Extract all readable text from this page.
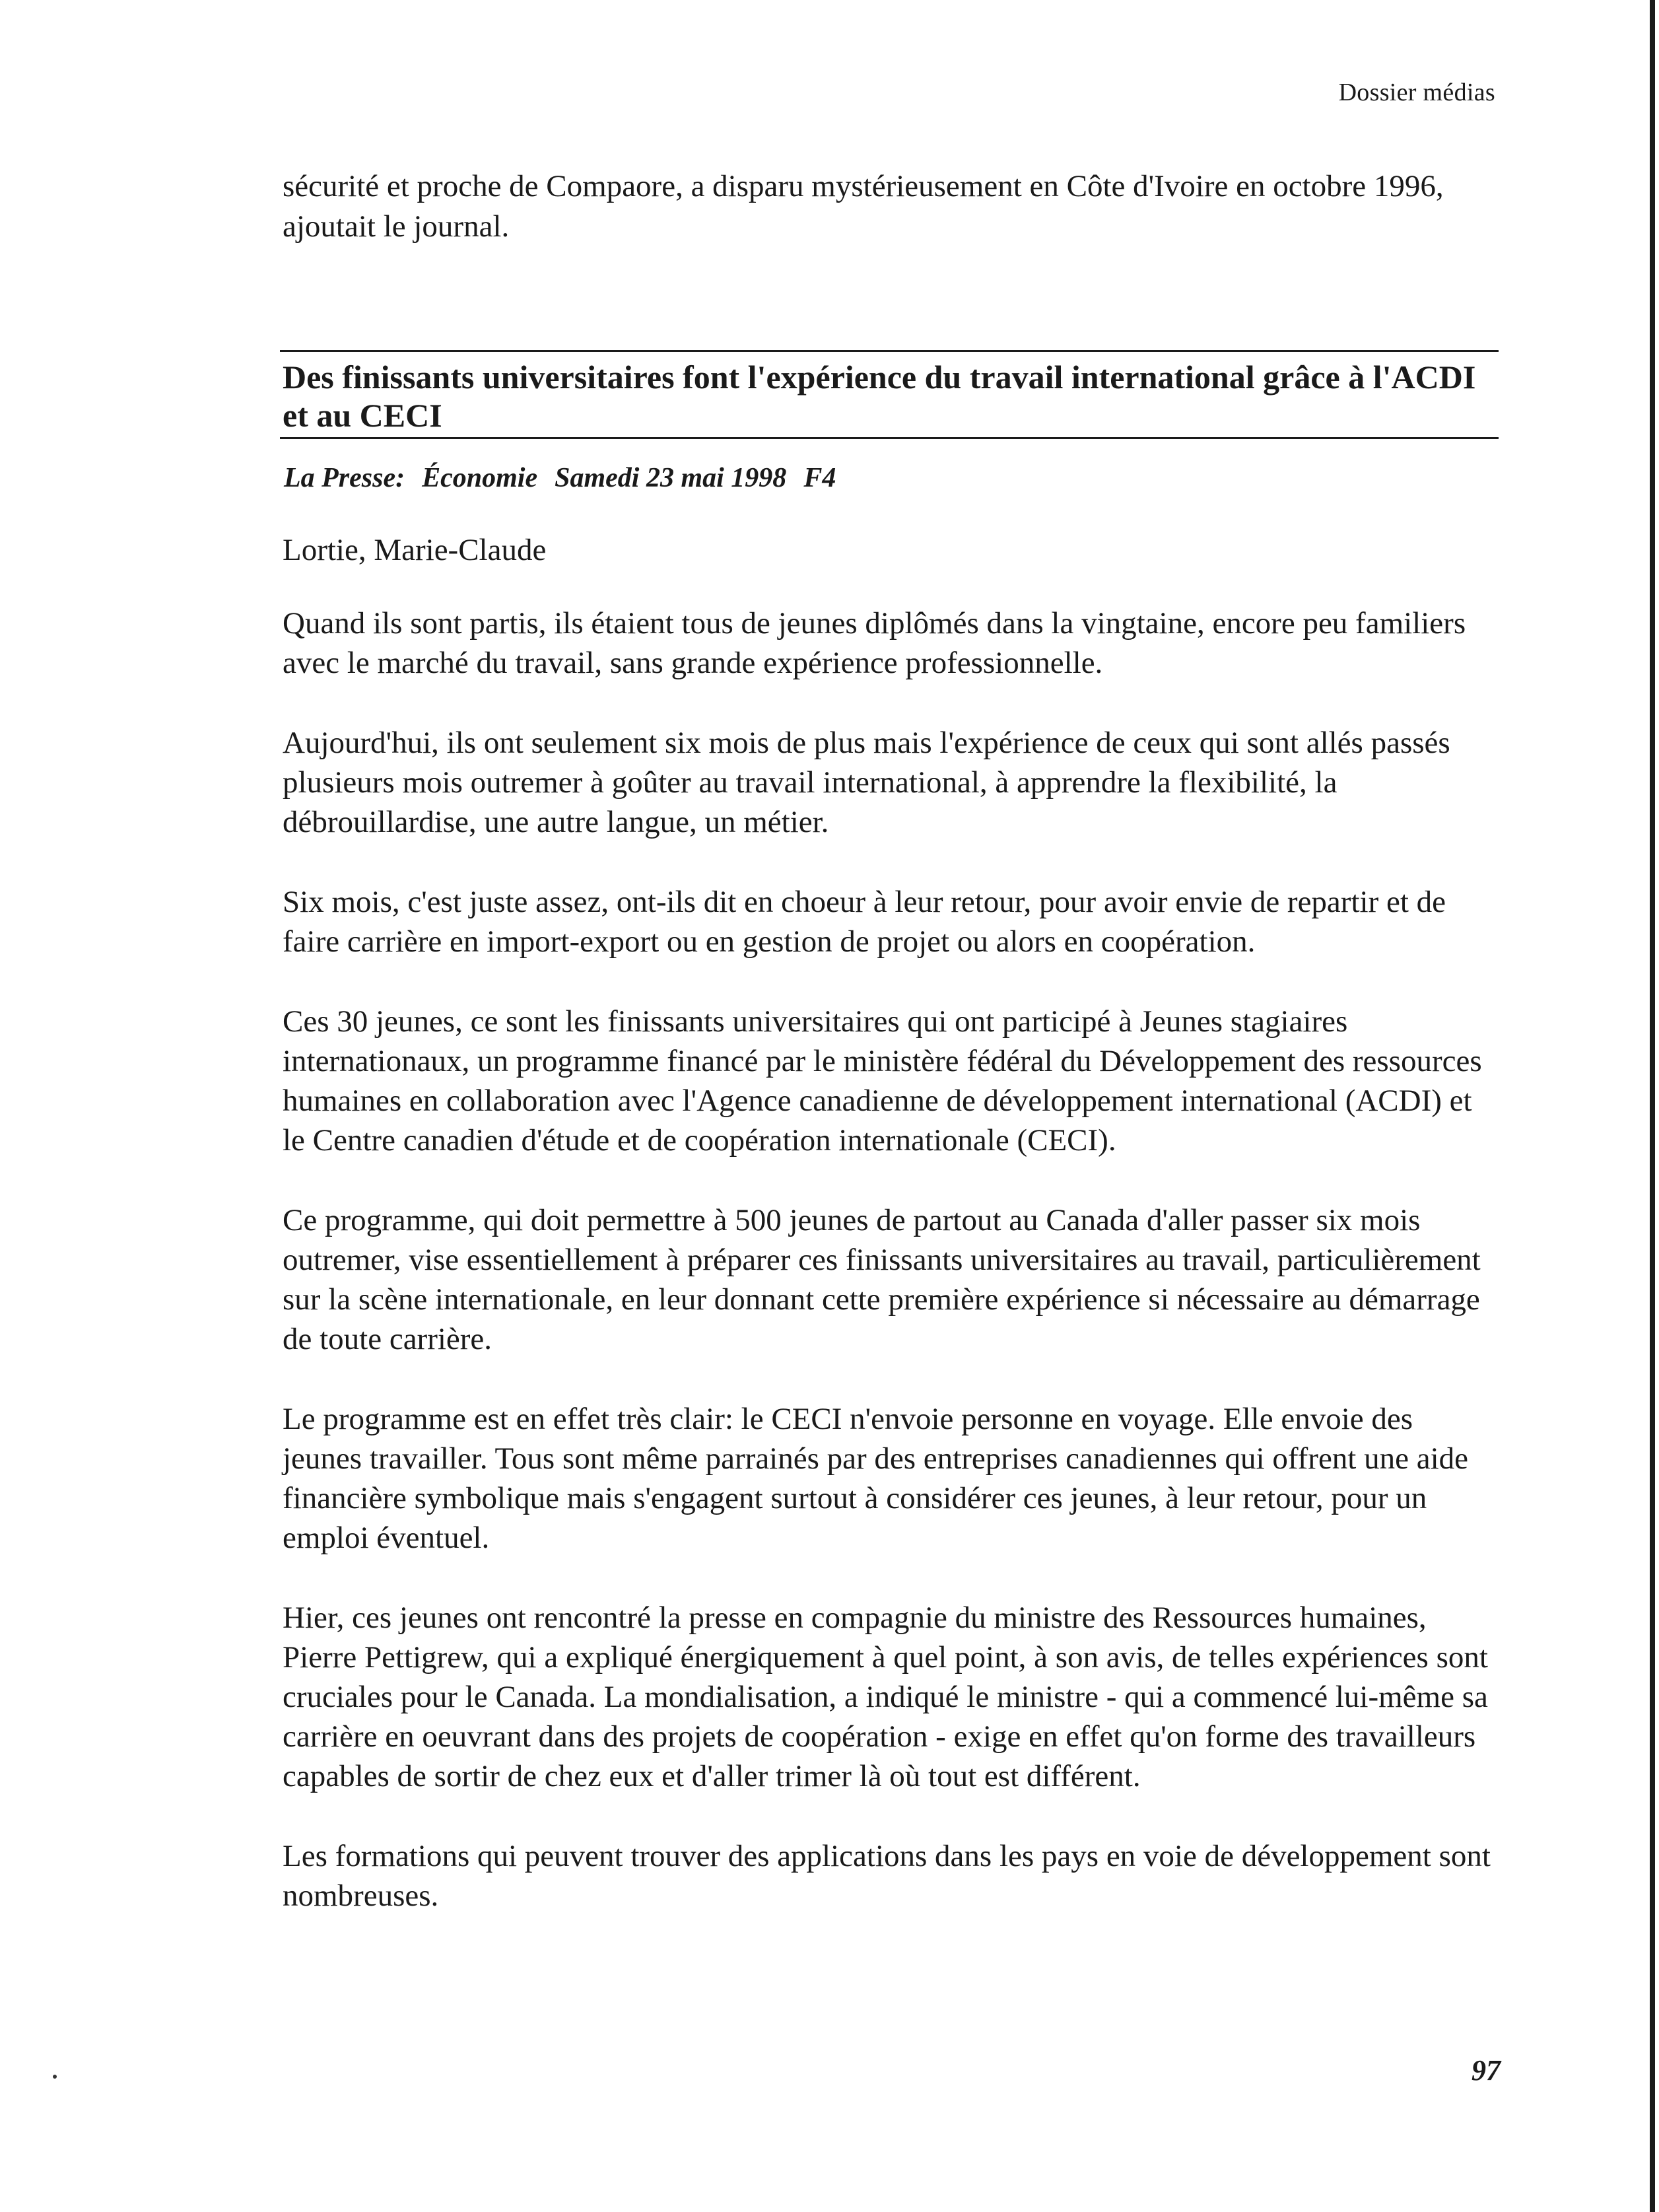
Dossier médias

sécurité et proche de Compaore, a disparu mystérieusement en Côte d'Ivoire en octobre 1996, ajoutait le journal.

Des finissants universitaires font l'expérience du travail international grâce à l'ACDI et au CECI
La Presse: Économie Samedi 23 mai 1998 F4
Lortie, Marie-Claude

Quand ils sont partis, ils étaient tous de jeunes diplômés dans la vingtaine, encore peu familiers avec le marché du travail, sans grande expérience professionnelle.

Aujourd'hui, ils ont seulement six mois de plus mais l'expérience de ceux qui sont allés passés plusieurs mois outremer à goûter au travail international, à apprendre la flexibilité, la débrouillardise, une autre langue, un métier.

Six mois, c'est juste assez, ont-ils dit en choeur à leur retour, pour avoir envie de repartir et de faire carrière en import-export ou en gestion de projet ou alors en coopération.

Ces 30 jeunes, ce sont les finissants universitaires qui ont participé à Jeunes stagiaires internationaux, un programme financé par le ministère fédéral du Développement des ressources humaines en collaboration avec l'Agence canadienne de développement international (ACDI) et le Centre canadien d'étude et de coopération internationale (CECI).

Ce programme, qui doit permettre à 500 jeunes de partout au Canada d'aller passer six mois outremer, vise essentiellement à préparer ces finissants universitaires au travail, particulièrement sur la scène internationale, en leur donnant cette première expérience si nécessaire au démarrage de toute carrière.

Le programme est en effet très clair: le CECI n'envoie personne en voyage. Elle envoie des jeunes travailler. Tous sont même parrainés par des entreprises canadiennes qui offrent une aide financière symbolique mais s'engagent surtout à considérer ces jeunes, à leur retour, pour un emploi éventuel.

Hier, ces jeunes ont rencontré la presse en compagnie du ministre des Ressources humaines, Pierre Pettigrew, qui a expliqué énergiquement à quel point, à son avis, de telles expériences sont cruciales pour le Canada. La mondialisation, a indiqué le ministre - qui a commencé lui-même sa carrière en oeuvrant dans des projets de coopération - exige en effet qu'on forme des travailleurs capables de sortir de chez eux et d'aller trimer là où tout est différent.

Les formations qui peuvent trouver des applications dans les pays en voie de développement sont nombreuses.

97
